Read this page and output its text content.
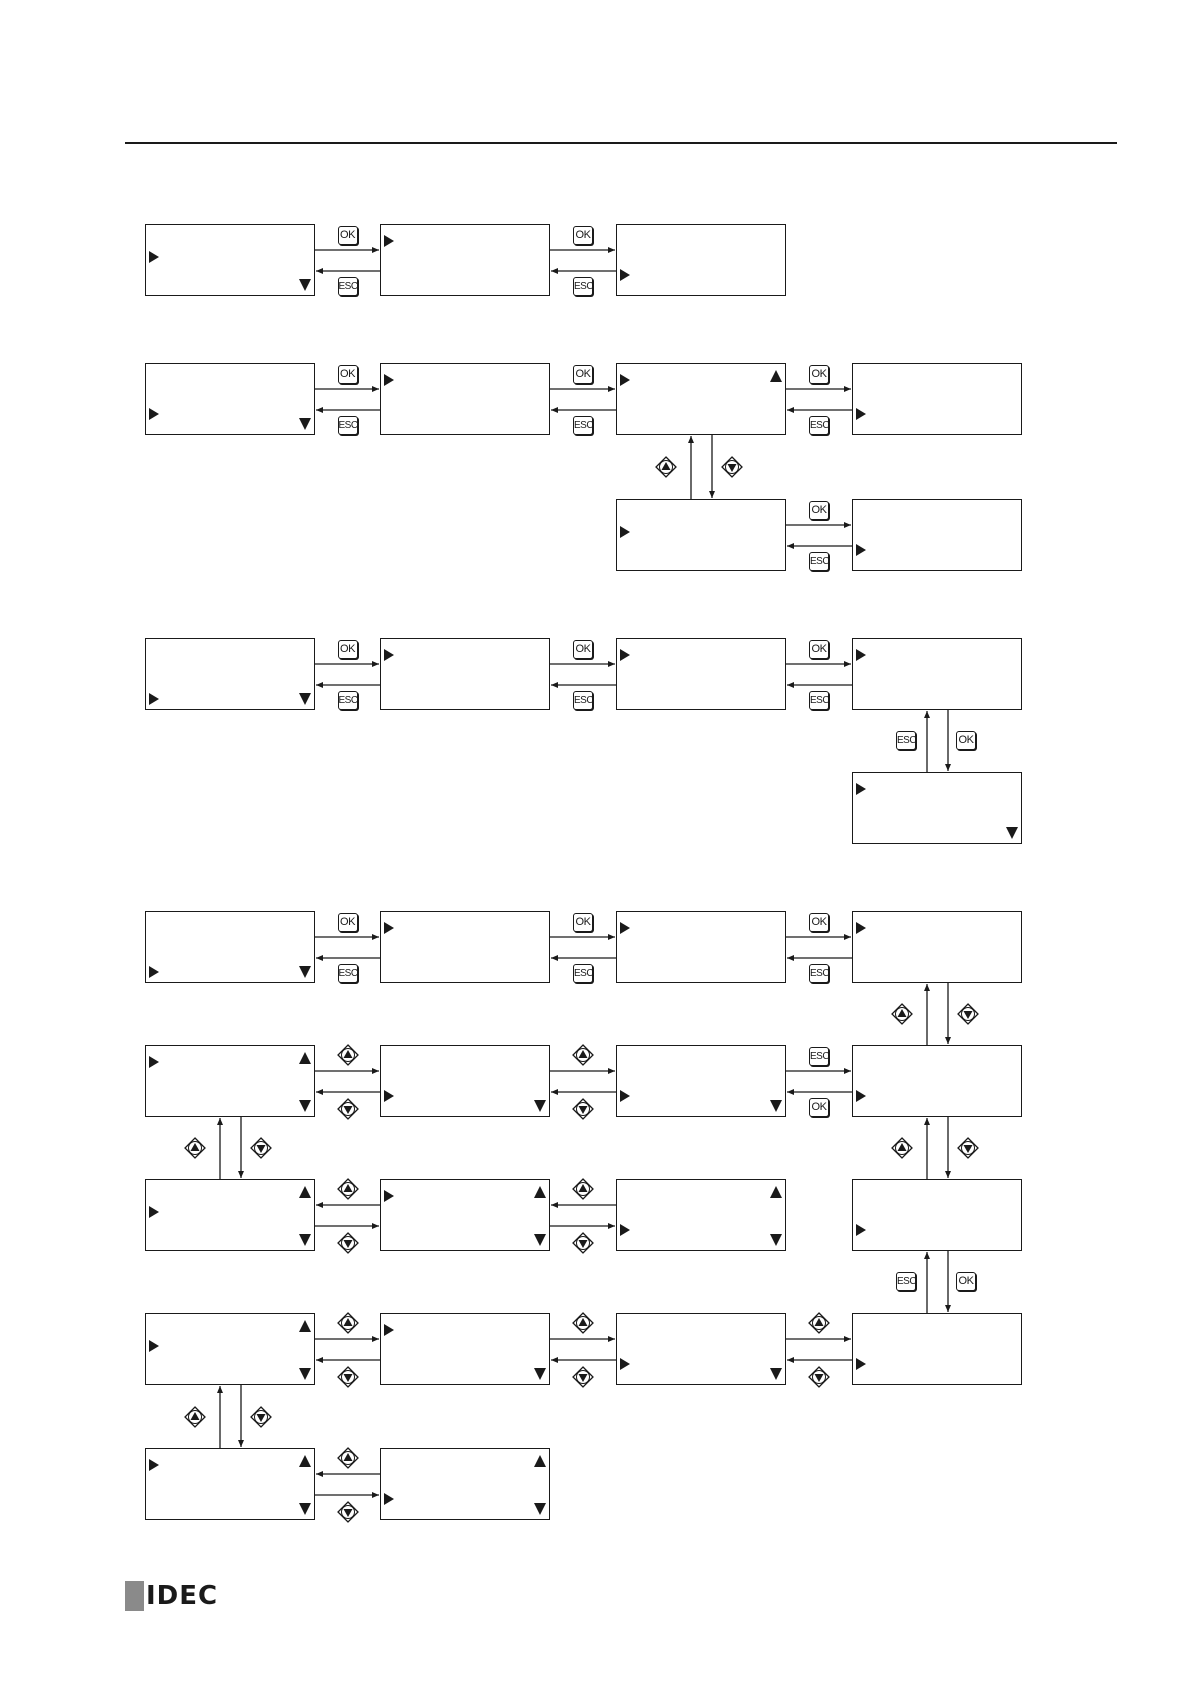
OK
ESC
OK
ESC
OK
ESC
OK
ESC
OK
ESC
OK
ESC
OK
ESC
OK
ESC
OK
ESC
ESC	OK
OK
ESC
OK
ESC
OK
ESC
ESC
OK
ESC	OK
IDEC
